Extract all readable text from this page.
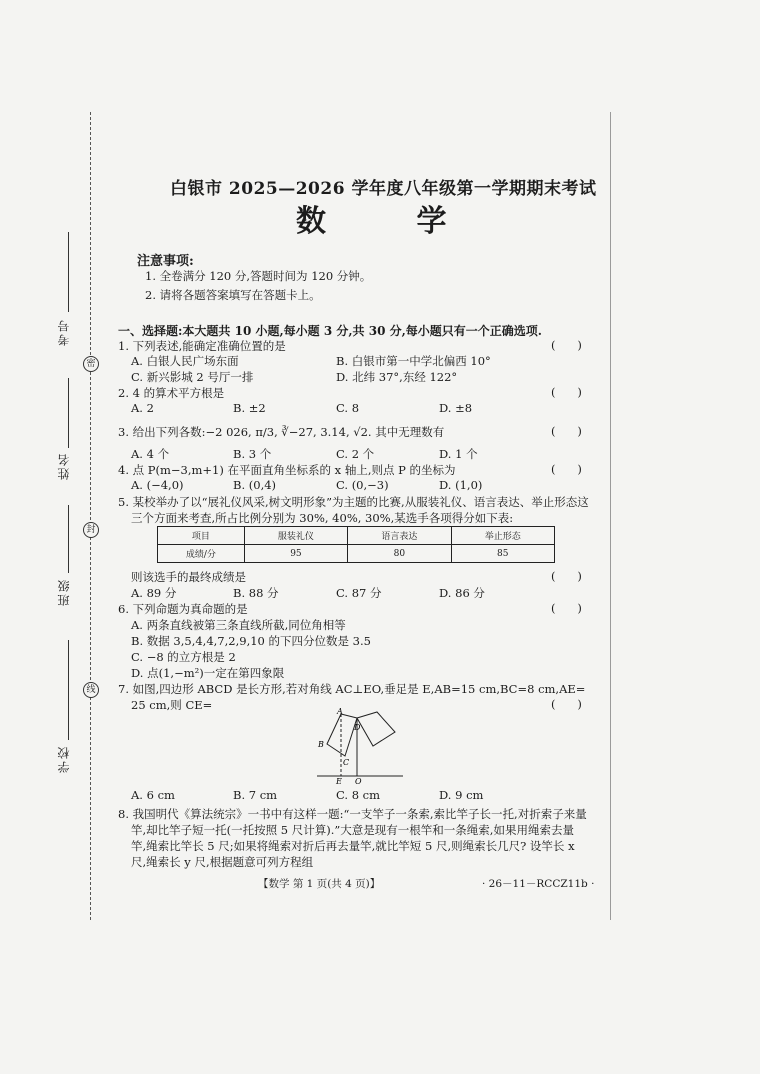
考号
姓名
班级
学校
密
封
线
白银市 2025—2026 学年度八年级第一学期期末考试
数 学
注意事项:
1. 全卷满分 120 分,答题时间为 120 分钟。
2. 请将各题答案填写在答题卡上。
一、选择题:本大题共 10 小题,每小题 3 分,共 30 分,每小题只有一个正确选项.
1. 下列表述,能确定准确位置的是	(      )
A. 白银人民广场东面	B. 白银市第一中学北偏西 10°
C. 新兴影城 2 号厅一排	D. 北纬 37°,东经 122°
2. 4 的算术平方根是	(      )
A. 2	B. ±2	C. 8	D. ±8
3. 给出下列各数:−2 026, π/3, ∛−27, 3.14, √2. 其中无理数有	(      )
A. 4 个	B. 3 个	C. 2 个	D. 1 个
4. 点 P(m−3,m+1) 在平面直角坐标系的 x 轴上,则点 P 的坐标为	(      )
A. (−4,0)	B. (0,4)	C. (0,−3)	D. (1,0)
5. 某校举办了以“展礼仪风采,树文明形象”为主题的比赛,从服装礼仪、语言表达、举止形态这
三个方面来考查,所占比例分别为 30%, 40%, 30%,某选手各项得分如下表:
项目	服装礼仪	语言表达	举止形态
成绩/分	95	80	85
则该选手的最终成绩是	(      )
A. 89 分	B. 88 分	C. 87 分	D. 86 分
6. 下列命题为真命题的是	(      )
A. 两条直线被第三条直线所截,同位角相等
B. 数据 3,5,4,4,7,2,9,10 的下四分位数是 3.5
C. −8 的立方根是 2
D. 点(1,−m²)一定在第四象限
7. 如图,四边形 ABCD 是长方形,若对角线 AC⊥EO,垂足是 E,AB=15 cm,BC=8 cm,AE=
25 cm,则 CE=	(      )
A
B
C
D
E O
A. 6 cm	B. 7 cm	C. 8 cm	D. 9 cm
8. 我国明代《算法统宗》一书中有这样一题:“一支竿子一条索,索比竿子长一托,对折索子来量
竿,却比竿子短一托(一托按照 5 尺计算).”大意是现有一根竿和一条绳索,如果用绳索去量
竿,绳索比竿长 5 尺;如果将绳索对折后再去量竿,就比竿短 5 尺,则绳索长几尺? 设竿长 x
尺,绳索长 y 尺,根据题意可列方程组
【数学 第 1 页(共 4 页)】	· 26－11－RCCZ11b ·
